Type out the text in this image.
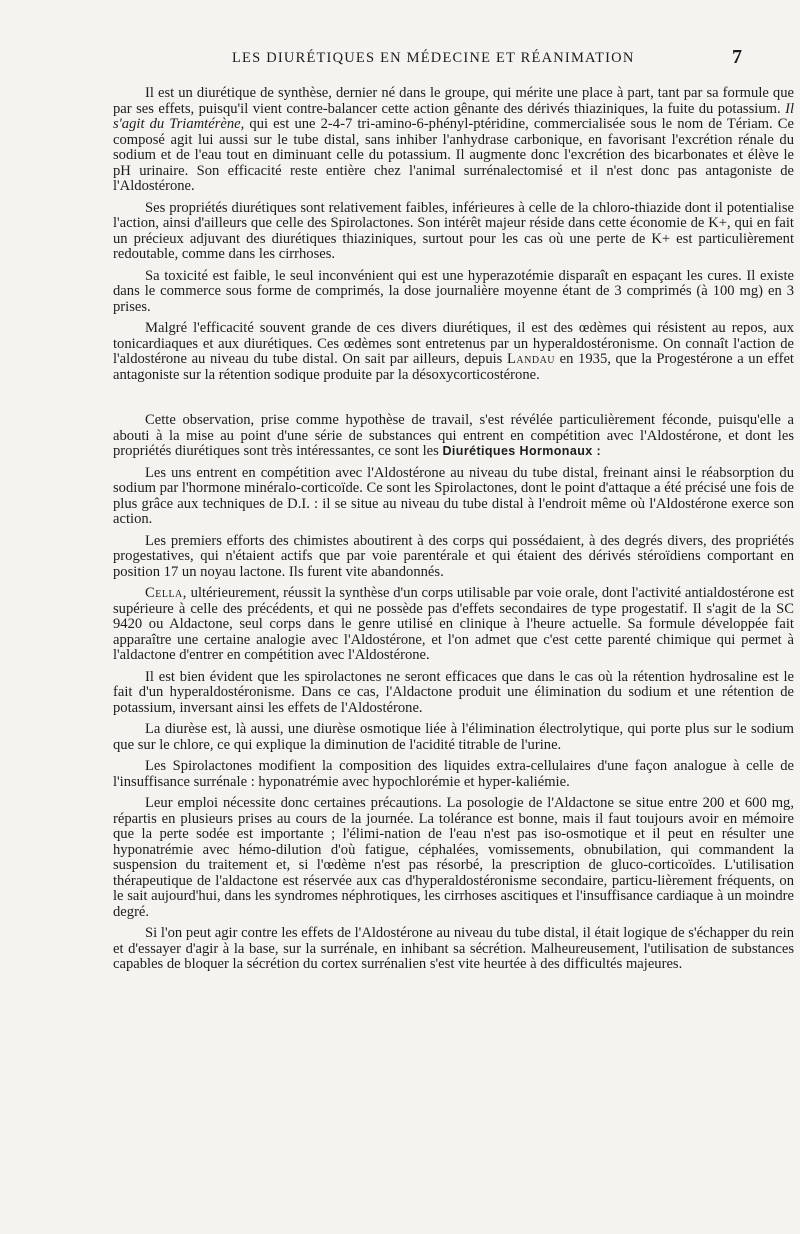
LES DIURÉTIQUES EN MÉDECINE ET RÉANIMATION	7

Il est un diurétique de synthèse, dernier né dans le groupe, qui mérite une place à part, tant par sa formule que par ses effets, puisqu'il vient contre-balancer cette action gênante des dérivés thiaziniques, la fuite du potassium. Il s'agit du Triamtérène, qui est une 2-4-7 tri-amino-6-phényl-ptéridine, commercialisée sous le nom de Tériam. Ce composé agit lui aussi sur le tube distal, sans inhiber l'anhydrase carbonique, en favorisant l'excrétion rénale du sodium et de l'eau tout en diminuant celle du potassium. Il augmente donc l'excrétion des bicarbonates et élève le pH urinaire. Son efficacité reste entière chez l'animal surrénalectomisé et il n'est donc pas antagoniste de l'Aldostérone.

Ses propriétés diurétiques sont relativement faibles, inférieures à celle de la chloro-thiazide dont il potentialise l'action, ainsi d'ailleurs que celle des Spirolactones. Son intérêt majeur réside dans cette économie de K+, qui en fait un précieux adjuvant des diurétiques thiaziniques, surtout pour les cas où une perte de K+ est particulièrement redoutable, comme dans les cirrhoses.

Sa toxicité est faible, le seul inconvénient qui est une hyperazotémie disparaît en espaçant les cures. Il existe dans le commerce sous forme de comprimés, la dose journalière moyenne étant de 3 comprimés (à 100 mg) en 3 prises.

Malgré l'efficacité souvent grande de ces divers diurétiques, il est des œdèmes qui résistent au repos, aux tonicardiaques et aux diurétiques. Ces œdèmes sont entretenus par un hyperaldostéronisme. On connaît l'action de l'aldostérone au niveau du tube distal. On sait par ailleurs, depuis Landau en 1935, que la Progestérone a un effet antagoniste sur la rétention sodique produite par la désoxycorticostérone.

Cette observation, prise comme hypothèse de travail, s'est révélée particulièrement féconde, puisqu'elle a abouti à la mise au point d'une série de substances qui entrent en compétition avec l'Aldostérone, et dont les propriétés diurétiques sont très intéressantes, ce sont les Diurétiques Hormonaux :

Les uns entrent en compétition avec l'Aldostérone au niveau du tube distal, freinant ainsi le réabsorption du sodium par l'hormone minéralo-corticoïde. Ce sont les Spirolactones, dont le point d'attaque a été précisé une fois de plus grâce aux techniques de D.I. : il se situe au niveau du tube distal à l'endroit même où l'Aldostérone exerce son action.

Les premiers efforts des chimistes aboutirent à des corps qui possédaient, à des degrés divers, des propriétés progestatives, qui n'étaient actifs que par voie parentérale et qui étaient des dérivés stéroïdiens comportant en position 17 un noyau lactone. Ils furent vite abandonnés.

Cella, ultérieurement, réussit la synthèse d'un corps utilisable par voie orale, dont l'activité antialdostérone est supérieure à celle des précédents, et qui ne possède pas d'effets secondaires de type progestatif. Il s'agit de la SC 9420 ou Aldactone, seul corps dans le genre utilisé en clinique à l'heure actuelle. Sa formule développée fait apparaître une certaine analogie avec l'Aldostérone, et l'on admet que c'est cette parenté chimique qui permet à l'aldactone d'entrer en compétition avec l'Aldostérone.

Il est bien évident que les spirolactones ne seront efficaces que dans le cas où la rétention hydrosaline est le fait d'un hyperaldostéronisme. Dans ce cas, l'Aldactone produit une élimination du sodium et une rétention de potassium, inversant ainsi les effets de l'Aldostérone.

La diurèse est, là aussi, une diurèse osmotique liée à l'élimination électrolytique, qui porte plus sur le sodium que sur le chlore, ce qui explique la diminution de l'acidité titrable de l'urine.

Les Spirolactones modifient la composition des liquides extra-cellulaires d'une façon analogue à celle de l'insuffisance surrénale : hyponatrémie avec hypochlorémie et hyper-kaliémie.

Leur emploi nécessite donc certaines précautions. La posologie de l'Aldactone se situe entre 200 et 600 mg, répartis en plusieurs prises au cours de la journée. La tolérance est bonne, mais il faut toujours avoir en mémoire que la perte sodée est importante ; l'élimi-nation de l'eau n'est pas iso-osmotique et il peut en résulter une hyponatrémie avec hémo-dilution d'où fatigue, céphalées, vomissements, obnubilation, qui commandent la suspension du traitement et, si l'œdème n'est pas résorbé, la prescription de gluco-corticoïdes. L'utilisation thérapeutique de l'aldactone est réservée aux cas d'hyperaldostéronisme secondaire, particu-lièrement fréquents, on le sait aujourd'hui, dans les syndromes néphrotiques, les cirrhoses ascitiques et l'insuffisance cardiaque à un moindre degré.

Si l'on peut agir contre les effets de l'Aldostérone au niveau du tube distal, il était logique de s'échapper du rein et d'essayer d'agir à la base, sur la surrénale, en inhibant sa sécrétion. Malheureusement, l'utilisation de substances capables de bloquer la sécrétion du cortex surrénalien s'est vite heurtée à des difficultés majeures.
